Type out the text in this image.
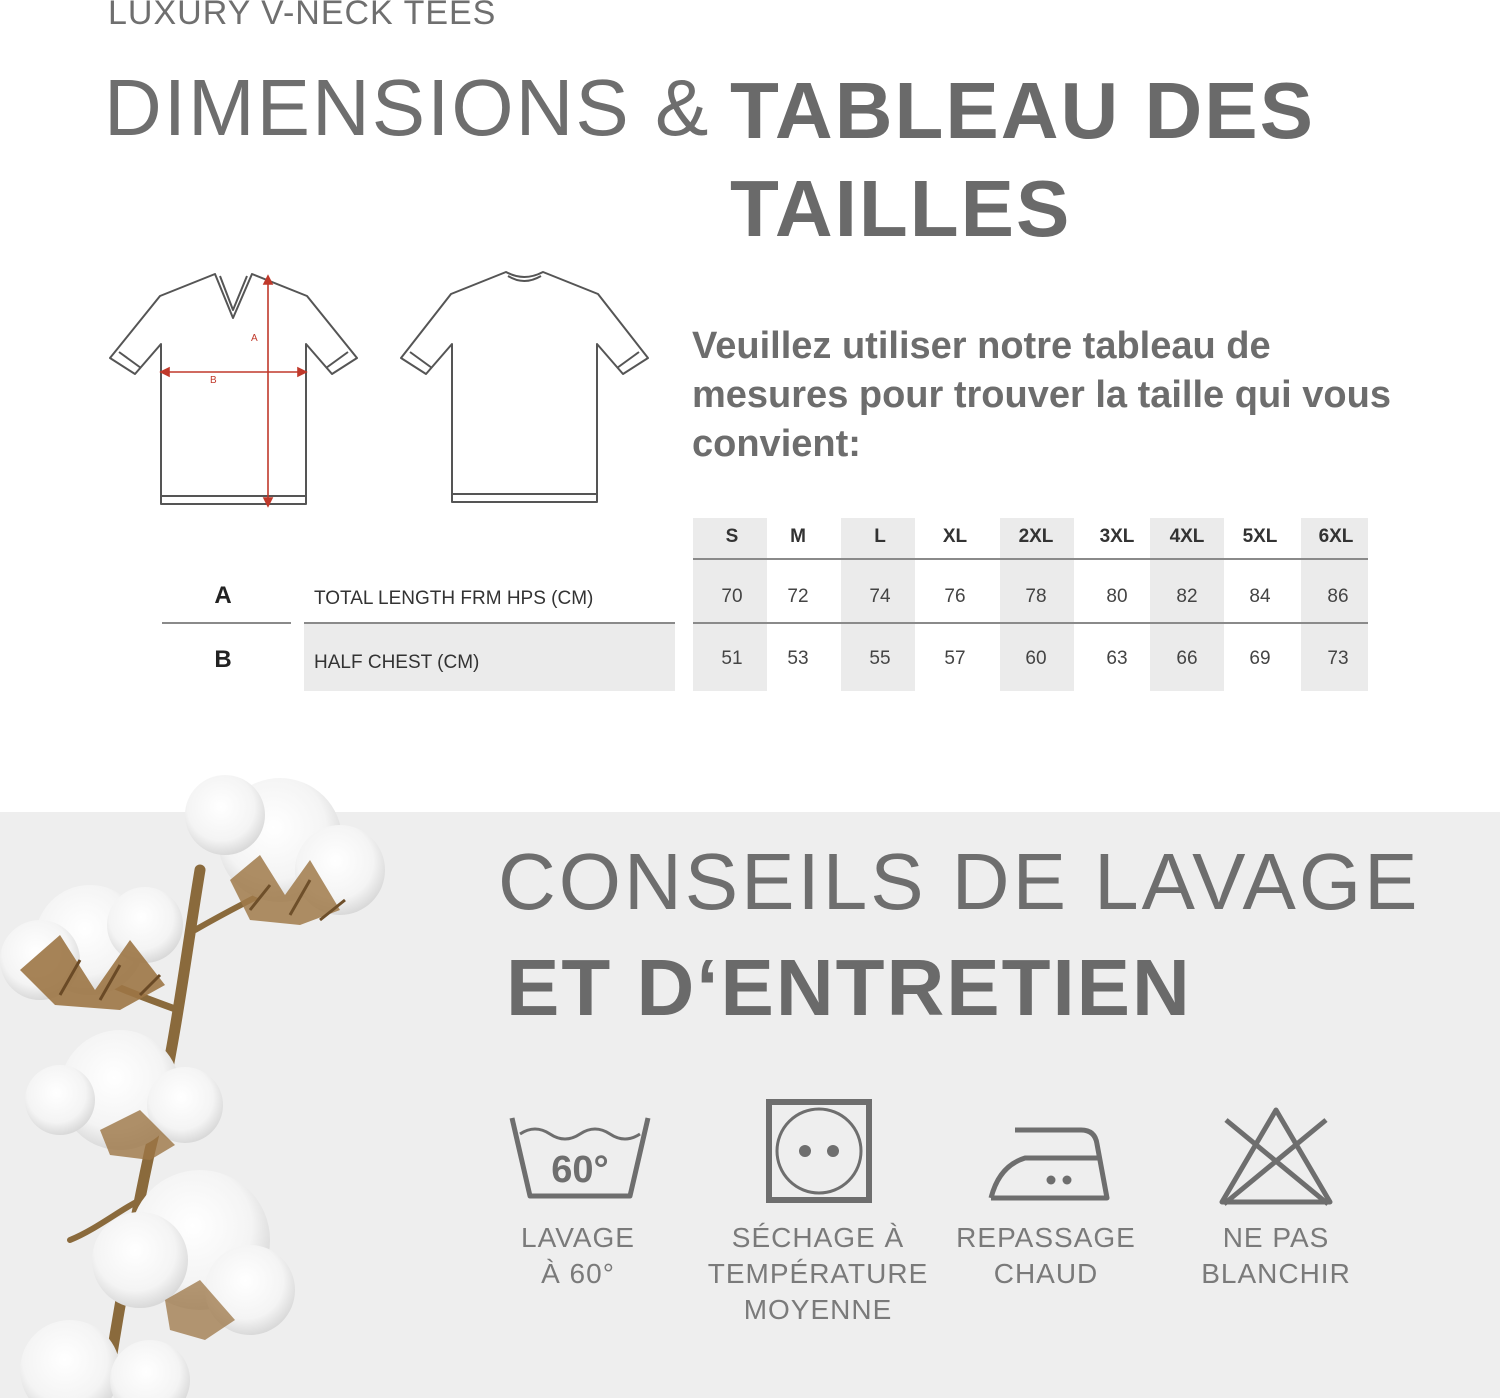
LUXURY V-NECK TEES
DIMENSIONS & TABLEAU DES TAILLES
A
B
Veuillez utiliser notre tableau de mesures pour trouver la taille qui vous convient:
S	M	L	XL	2XL	3XL	4XL	5XL	6XL
A	TOTAL LENGTH FRM HPS (CM)	70	72	74	76	78	80	82	84	86
B	HALF CHEST (CM)	51	53	55	57	60	63	66	69	73
CONSEILS DE LAVAGE
ET D‘ENTRETIEN
60°
LAVAGE
À 60°
SÉCHAGE À
TEMPÉRATURE
MOYENNE
REPASSAGE
CHAUD
NE PAS
BLANCHIR
